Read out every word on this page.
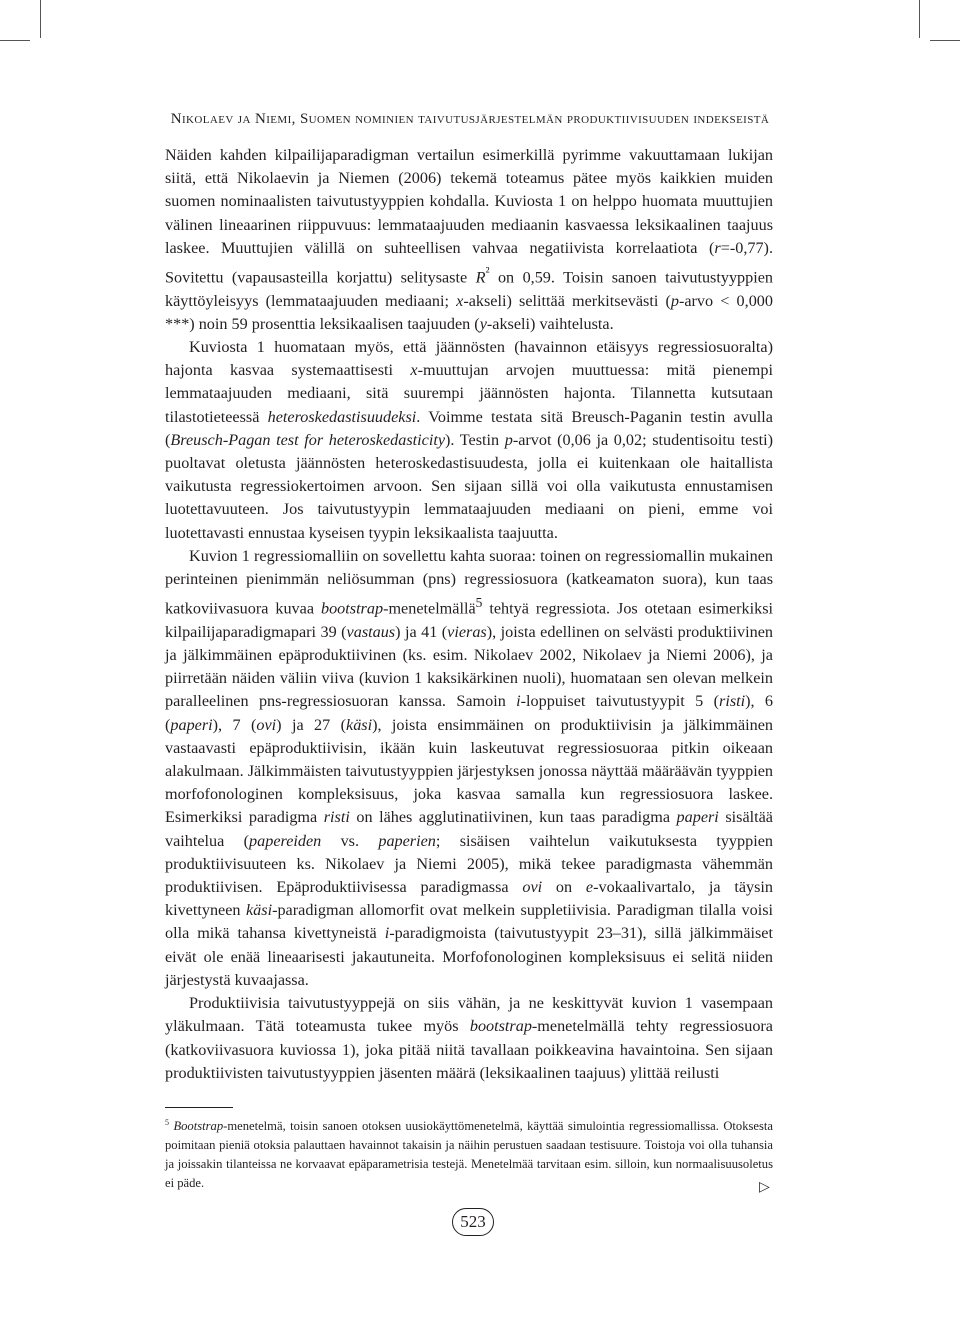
Nikolaev ja Niemi, Suomen nominien taivutusjärjestelmän produktiivisuuden indekseistä

Näiden kahden kilpailijaparadigman vertailun esimerkillä pyrimme vakuuttamaan lukijan siitä, että Nikolaevin ja Niemen (2006) tekemä toteamus pätee myös kaikkien muiden suomen nominaalisten taivutustyyppien kohdalla. Kuviosta 1 on helppo huomata muuttujien välinen lineaarinen riippuvuus: lemmataajuuden mediaanin kasvaessa leksikaalinen taajuus laskee. Muuttujien välillä on suhteellisen vahvaa negatiivista korrelaatiota (r=-0,77). Sovitettu (vapausasteilla korjattu) selitysaste $R^{^2}$ on 0,59. Toisin sanoen taivutustyyppien käyttöyleisyys (lemmataajuuden mediaani; x-akseli) selittää merkitsevästi (p-arvo < 0,000 ***) noin 59 prosenttia leksikaalisen taajuuden (y-akseli) vaihtelusta.

Kuviosta 1 huomataan myös, että jäännösten (havainnon etäisyys regressiosuoralta) hajonta kasvaa systemaattisesti x-muuttujan arvojen muuttuessa: mitä pienempi lemmataajuuden mediaani, sitä suurempi jäännösten hajonta. Tilannetta kutsutaan tilastotieteessä heteroskedastisuudeksi. Voimme testata sitä Breusch-Paganin testin avulla (Breusch-Pagan test for heteroskedasticity). Testin p-arvot (0,06 ja 0,02; studentisoitu testi) puoltavat oletusta jäännösten heteroskedastisuudesta, jolla ei kuitenkaan ole haitallista vaikutusta regressiokertoimen arvoon. Sen sijaan sillä voi olla vaikutusta ennustamisen luotettavuuteen. Jos taivutustyypin lemmataajuuden mediaani on pieni, emme voi luotettavasti ennustaa kyseisen tyypin leksikaalista taajuutta.

Kuvion 1 regressiomalliin on sovellettu kahta suoraa: toinen on regressiomallin mukainen perinteinen pienimmän neliösumman (pns) regressiosuora (katkeamaton suora), kun taas katkoviivasuora kuvaa bootstrap-menetelmällä$^5$ tehtyä regressiota. Jos otetaan esimerkiksi kilpailijaparadigmapari 39 (vastaus) ja 41 (vieras), joista edellinen on selvästi produktiivinen ja jälkimmäinen epäproduktiivinen (ks. esim. Nikolaev 2002, Nikolaev ja Niemi 2006), ja piirretään näiden väliin viiva (kuvion 1 kaksikärkinen nuoli), huomataan sen olevan melkein paralleelinen pns-regressiosuoran kanssa. Samoin i-loppuiset taivutustyypit 5 (risti), 6 (paperi), 7 (ovi) ja 27 (käsi), joista ensimmäinen on produktiivisin ja jälkimmäinen vastaavasti epäproduktiivisin, ikään kuin laskeutuvat regressiosuoraa pitkin oikeaan alakulmaan. Jälkimmäisten taivutustyyppien järjestyksen jonossa näyttää määräävän tyyppien morfofonologinen kompleksisuus, joka kasvaa samalla kun regressiosuora laskee. Esimerkiksi paradigma risti on lähes agglutinatiivinen, kun taas paradigma paperi sisältää vaihtelua (papereiden vs. paperien; sisäisen vaihtelun vaikutuksesta tyyppien produktiivisuuteen ks. Nikolaev ja Niemi 2005), mikä tekee paradigmasta vähemmän produktiivisen. Epäproduktiivisessa paradigmassa ovi on e-vokaalivartalo, ja täysin kivettyneen käsi-paradigman allomorfit ovat melkein suppletiivisia. Paradigman tilalla voisi olla mikä tahansa kivettyneistä i-paradigmoista (taivutustyypit 23–31), sillä jälkimmäiset eivät ole enää lineaarisesti jakautuneita. Morfofonologinen kompleksisuus ei selitä niiden järjestystä kuvaajassa.

Produktiivisia taivutustyyppejä on siis vähän, ja ne keskittyvät kuvion 1 vasempaan yläkulmaan. Tätä toteamusta tukee myös bootstrap-menetelmällä tehty regressiosuora (katkoviivasuora kuviossa 1), joka pitää niitä tavallaan poikkeavina havaintoina. Sen sijaan produktiivisten taivutustyyppien jäsenten määrä (leksikaalinen taajuus) ylittää reilusti

$^5$ Bootstrap-menetelmä, toisin sanoen otoksen uusiokäyttömenetelmä, käyttää simulointia regressiomallissa. Otoksesta poimitaan pieniä otoksia palauttaen havainnot takaisin ja näihin perustuen saadaan testisuure. Toistoja voi olla tuhansia ja joissakin tilanteissa ne korvaavat epäparametrisia testejä. Menetelmää tarvitaan esim. silloin, kun normaalisuusoletus ei päde.	▷
523
